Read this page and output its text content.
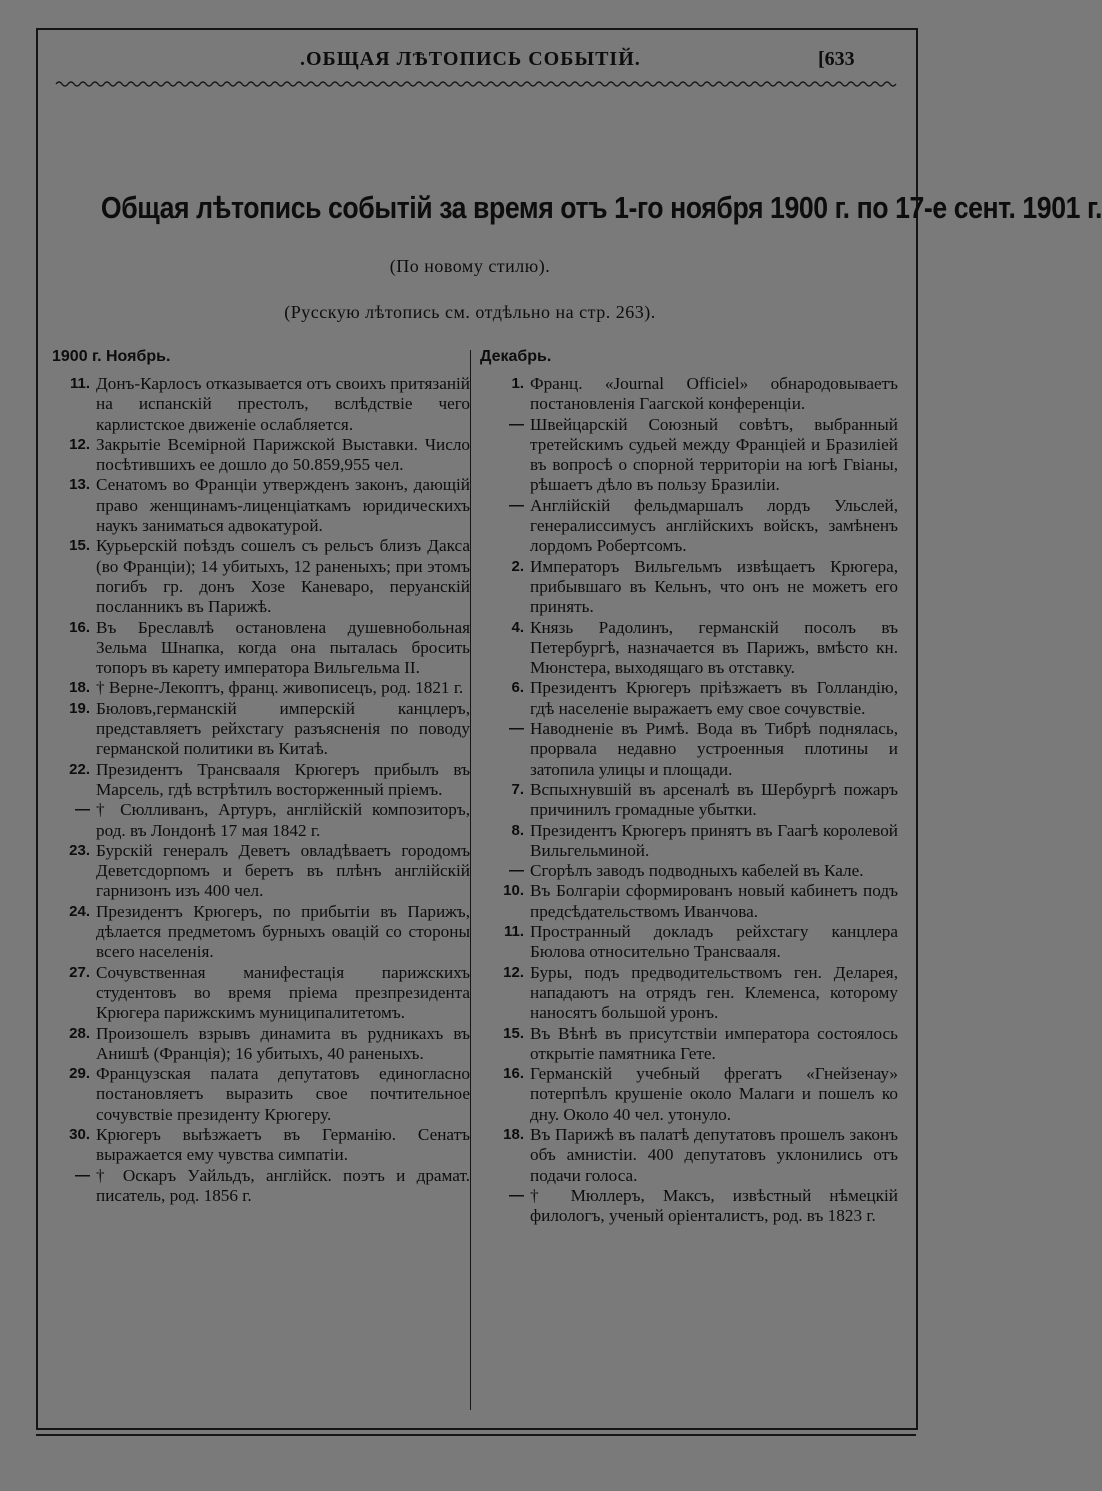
.ОБЩАЯ ЛѢТОПИСЬ СОБЫТІЙ.	[633
Общая лѣтопись событій за время отъ 1-го ноября 1900 г. по 17-е сент. 1901 г.
(По новому стилю).
(Русскую лѣтопись см. отдѣльно на стр. 263).
1900 г. Ноябрь.
11. Донъ-Карлосъ отказывается отъ своихъ притязаній на испанскій престолъ, вслѣдствіе чего карлистское движеніе ослабляется.
12. Закрытіе Всемірной Парижской Выставки. Число посѣтившихъ ее дошло до 50.859,955 чел.
13. Сенатомъ во Франціи утвержденъ законъ, дающій право женщинамъ-лиценціаткамъ юридическихъ наукъ заниматься адвокатурой.
15. Курьерскій поѣздъ сошелъ съ рельсъ близъ Дакса (во Франціи); 14 убитыхъ, 12 раненыхъ; при этомъ погибъ гр. донъ Хозе Каневаро, перуанскій посланникъ въ Парижѣ.
16. Въ Бреславлѣ остановлена душевнобольная Зельма Шнапка, когда она пыталась бросить топоръ въ карету императора Вильгельма II.
18. † Верне-Лекоптъ, франц. живописецъ, род. 1821 г.
19. Бюловъ,германскій имперскій канцлеръ, представляетъ рейхстагу разъясненія по поводу германской политики въ Китаѣ.
22. Президентъ Трансвааля Крюгеръ прибылъ въ Марсель, гдѣ встрѣтилъ восторженный пріемъ.
— † Сюлливанъ, Артуръ, англійскій композиторъ, род. въ Лондонѣ 17 мая 1842 г.
23. Бурскій генералъ Деветъ овладѣваетъ городомъ Деветсдорпомъ и беретъ въ плѣнъ англійскій гарнизонъ изъ 400 чел.
24. Президентъ Крюгеръ, по прибытіи въ Парижъ, дѣлается предметомъ бурныхъ овацій со стороны всего населенія.
27. Сочувственная манифестація парижскихъ студентовъ во время пріема презпрезидента Крюгера парижскимъ муниципалитетомъ.
28. Произошелъ взрывъ динамита въ рудникахъ въ Анишѣ (Франція); 16 убитыхъ, 40 раненыхъ.
29. Французская палата депутатовъ единогласно постановляетъ выразить свое почтительное сочувствіе президенту Крюгеру.
30. Крюгеръ выѣзжаетъ въ Германію. Сенатъ выражается ему чувства симпатіи.
— † Оскаръ Уайльдъ, англійск. поэтъ и драмат. писатель, род. 1856 г.
Декабрь.
1. Франц. «Journal Officiel» обнародовываетъ постановленія Гаагской конференціи.
— Швейцарскій Союзный совѣтъ, выбранный третейскимъ судьей между Франціей и Бразиліей въ вопросѣ о спорной территоріи на югѣ Гвіаны, рѣшаетъ дѣло въ пользу Бразиліи.
— Англійскій фельдмаршалъ лордъ Ульслей, генералиссимусъ англійскихъ войскъ, замѣненъ лордомъ Робертсомъ.
2. Императоръ Вильгельмъ извѣщаетъ Крюгера, прибывшаго въ Кельнъ, что онъ не можетъ его принять.
4. Князь Радолинъ, германскій посолъ въ Петербургѣ, назначается въ Парижъ, вмѣсто кн. Мюнстера, выходящаго въ отставку.
6. Президентъ Крюгеръ пріѣзжаетъ въ Голландію, гдѣ населеніе выражаетъ ему свое сочувствіе.
— Наводненіе въ Римѣ. Вода въ Тибрѣ поднялась, прорвала недавно устроенныя плотины и затопила улицы и площади.
7. Вспыхнувшій въ арсеналѣ въ Шербургѣ пожаръ причинилъ громадные убытки.
8. Президентъ Крюгеръ принятъ въ Гаагѣ королевой Вильгельминой.
— Сгорѣлъ заводъ подводныхъ кабелей въ Кале.
10. Въ Болгаріи сформированъ новый кабинетъ подъ предсѣдательствомъ Иванчова.
11. Пространный докладъ рейхстагу канцлера Бюлова относительно Трансвааля.
12. Буры, подъ предводительствомъ ген. Деларея, нападаютъ на отрядъ ген. Клеменса, которому наносятъ большой уронъ.
15. Въ Вѣнѣ въ присутствіи императора состоялось открытіе памятника Гете.
16. Германскій учебный фрегатъ «Гнейзенау» потерпѣлъ крушеніе около Малаги и пошелъ ко дну. Около 40 чел. утонуло.
18. Въ Парижѣ въ палатѣ депутатовъ прошелъ законъ объ амнистіи. 400 депутатовъ уклонились отъ подачи голоса.
— † Мюллеръ, Максъ, извѣстный нѣмецкій филологъ, ученый оріенталистъ, род. въ 1823 г.
